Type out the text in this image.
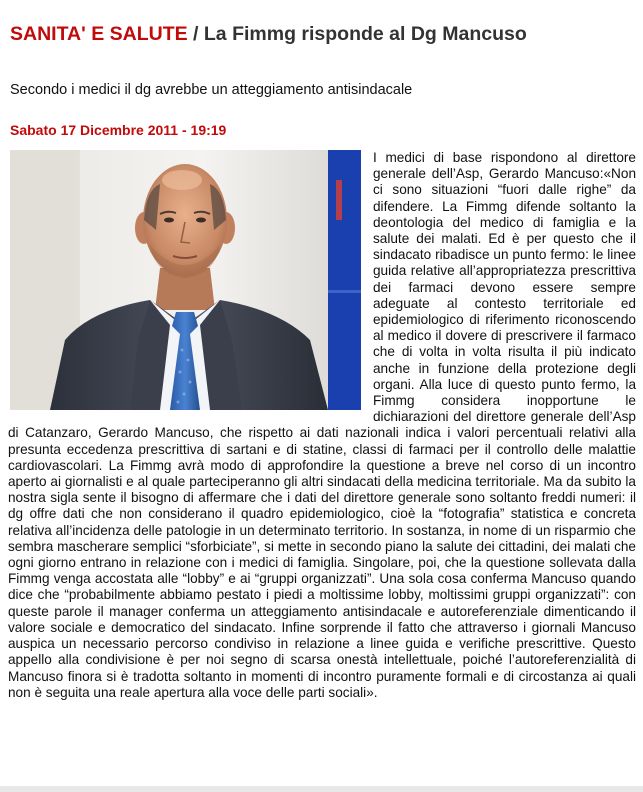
SANITA' E SALUTE / La Fimmg risponde al Dg Mancuso
Secondo i medici il dg avrebbe un atteggiamento antisindacale
Sabato 17 Dicembre 2011 - 19:19
I medici di base rispondono al direttore generale dell’Asp, Gerardo Mancuso:«Non ci sono situazioni “fuori dalle righe” da difendere. La Fimmg difende soltanto la deontologia del medico di famiglia e la salute dei malati. Ed è per questo che il sindacato ribadisce un punto fermo: le linee guida relative all’appropriatezza prescrittiva dei farmaci devono essere sempre adeguate al contesto territoriale ed epidemiologico di riferimento riconoscendo al medico il dovere di prescrivere il farmaco che di volta in volta risulta il più indicato anche in funzione della protezione degli organi. Alla luce di questo punto fermo, la Fimmg considera inopportune le dichiarazioni del direttore generale dell’Asp di Catanzaro, Gerardo Mancuso, che rispetto ai dati nazionali indica i valori percentuali relativi alla presunta eccedenza prescrittiva di sartani e di statine, classi di farmaci per il controllo delle malattie cardiovascolari. La Fimmg avrà modo di approfondire la questione a breve nel corso di un incontro aperto ai giornalisti e al quale parteciperanno gli altri sindacati della medicina territoriale. Ma da subito la nostra sigla sente il bisogno di affermare che i dati del direttore generale sono soltanto freddi numeri: il dg offre dati che non considerano il quadro epidemiologico, cioè la “fotografia” statistica e concreta relativa all’incidenza delle patologie in un determinato territorio. In sostanza, in nome di un risparmio che sembra mascherare semplici “sforbiciate”, si mette in secondo piano la salute dei cittadini, dei malati che ogni giorno entrano in relazione con i medici di famiglia. Singolare, poi, che la questione sollevata dalla Fimmg venga accostata alle “lobby” e ai “gruppi organizzati”. Una sola cosa conferma Mancuso quando dice che “probabilmente abbiamo pestato i piedi a moltissime lobby, moltissimi gruppi organizzati”: con queste parole il manager conferma un atteggiamento antisindacale e autoreferenziale dimenticando il valore sociale e democratico del sindacato. Infine sorprende il fatto che attraverso i giornali Mancuso auspica un necessario percorso condiviso in relazione a linee guida e verifiche prescrittive. Questo appello alla condivisione è per noi segno di scarsa onestà intellettuale, poiché l’autoreferenzialità di Mancuso finora si è tradotta soltanto in momenti di incontro puramente formali e di circostanza ai quali non è seguita una reale apertura alla voce delle parti sociali».
